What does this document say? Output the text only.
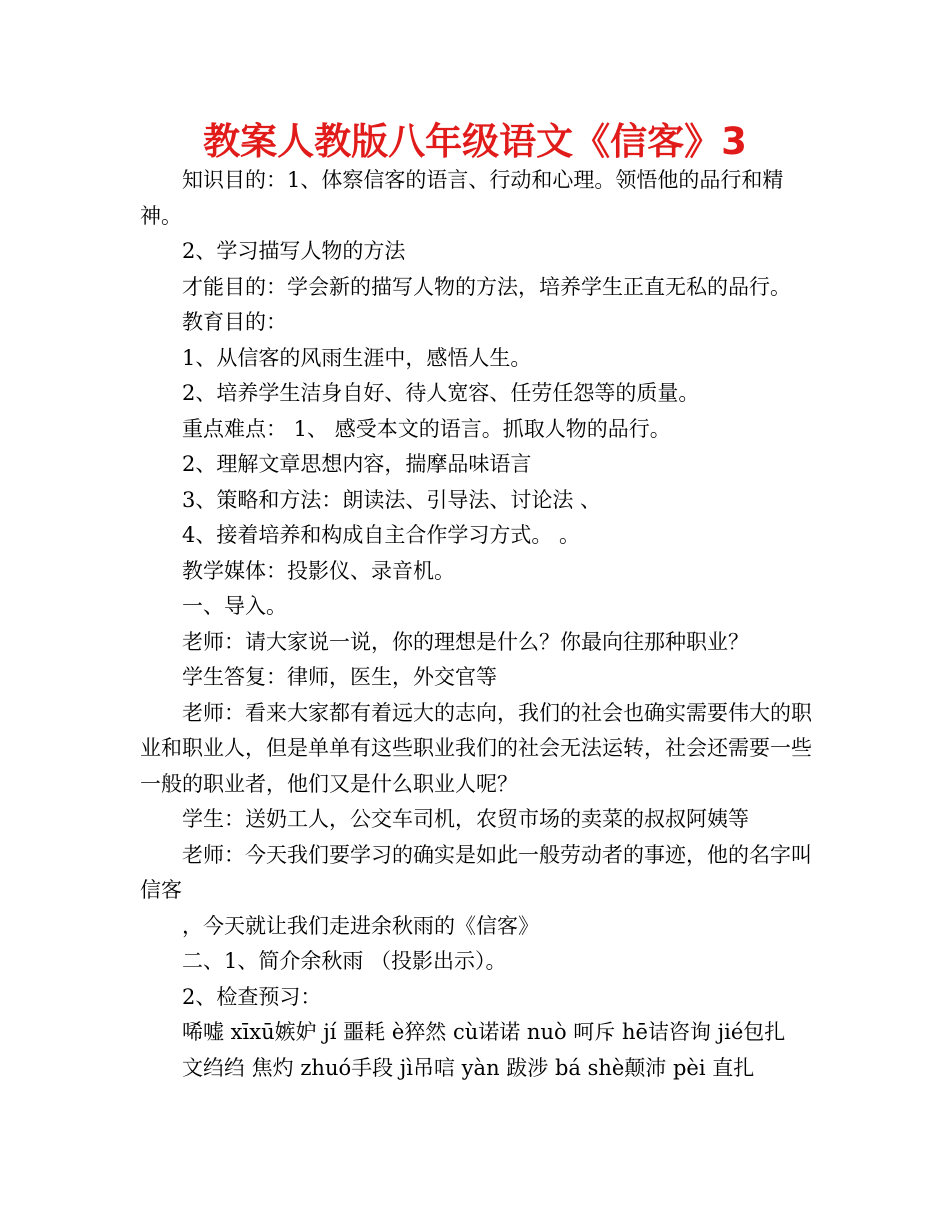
教案人教版八年级语文《信客》3

知识目的：1、体察信客的语言、行动和心理。领悟他的品行和精神。

2、学习描写人物的方法

才能目的：学会新的描写人物的方法，培养学生正直无私的品行。

教育目的：

1、从信客的风雨生涯中，感悟人生。

2、培养学生洁身自好、待人宽容、任劳任怨等的质量。

重点难点： 1、 感受本文的语言。抓取人物的品行。

2、理解文章思想内容，揣摩品味语言

3、策略和方法：朗读法、引导法、讨论法 、

4、接着培养和构成自主合作学习方式。 。

教学媒体：投影仪、录音机。

一、导入。

老师：请大家说一说，你的理想是什么？你最向往那种职业？

学生答复：律师，医生，外交官等

老师：看来大家都有着远大的志向，我们的社会也确实需要伟大的职业和职业人，但是单单有这些职业我们的社会无法运转，社会还需要一些一般的职业者，他们又是什么职业人呢？

学生：送奶工人，公交车司机，农贸市场的卖菜的叔叔阿姨等

老师：今天我们要学习的确实是如此一般劳动者的事迹，他的名字叫信客

，今天就让我们走进余秋雨的《信客》

二、1、简介余秋雨 （投影出示）。

2、检查预习：

唏嘘 xīxū嫉妒 jí 噩耗 è猝然 cù诺诺 nuò 呵斥 hē诘咨询 jié包扎

文绉绉 焦灼 zhuó手段 jì吊唁 yàn 跋涉 bá shè颠沛 pèi 直扎
